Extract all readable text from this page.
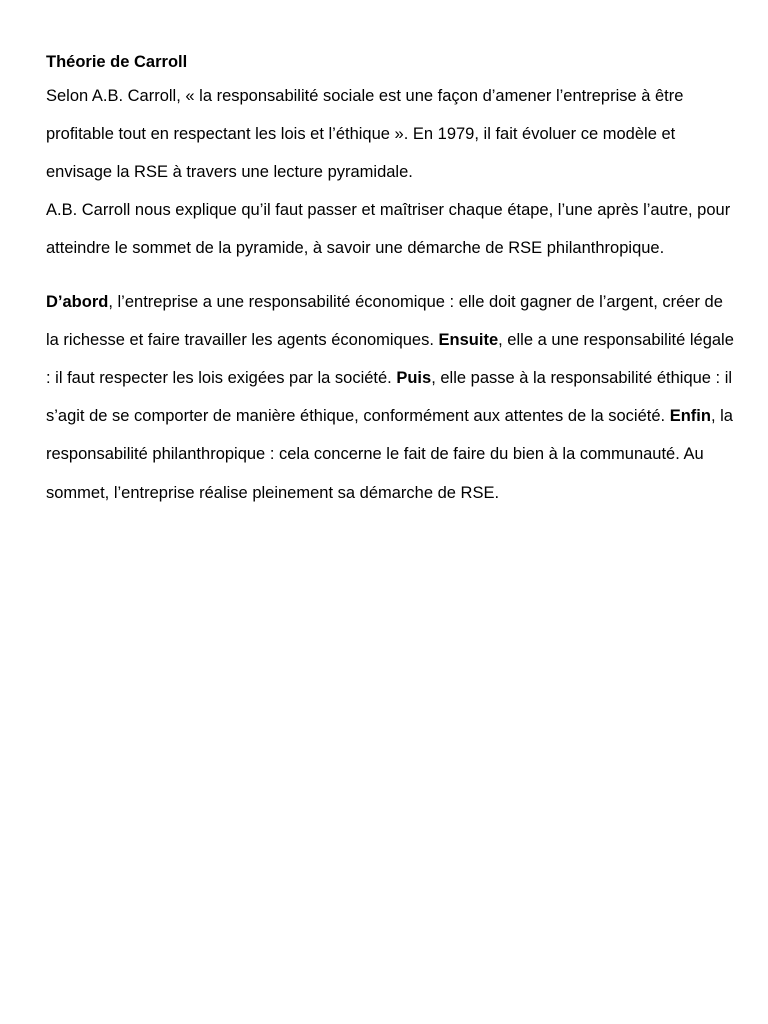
Théorie de Carroll

Selon A.B. Carroll, « la responsabilité sociale est une façon d’amener l’entreprise à être profitable tout en respectant les lois et l’éthique ». En 1979, il fait évoluer ce modèle et envisage la RSE à travers une lecture pyramidale.

A.B. Carroll nous explique qu’il faut passer et maîtriser chaque étape, l’une après l’autre, pour atteindre le sommet de la pyramide, à savoir une démarche de RSE philanthropique.

D’abord, l’entreprise a une responsabilité économique : elle doit gagner de l’argent, créer de la richesse et faire travailler les agents économiques. Ensuite, elle a une responsabilité légale : il faut respecter les lois exigées par la société. Puis, elle passe à la responsabilité éthique : il s’agit de se comporter de manière éthique, conformément aux attentes de la société. Enfin, la responsabilité philanthropique : cela concerne le fait de faire du bien à la communauté. Au sommet, l’entreprise réalise pleinement sa démarche de RSE.
